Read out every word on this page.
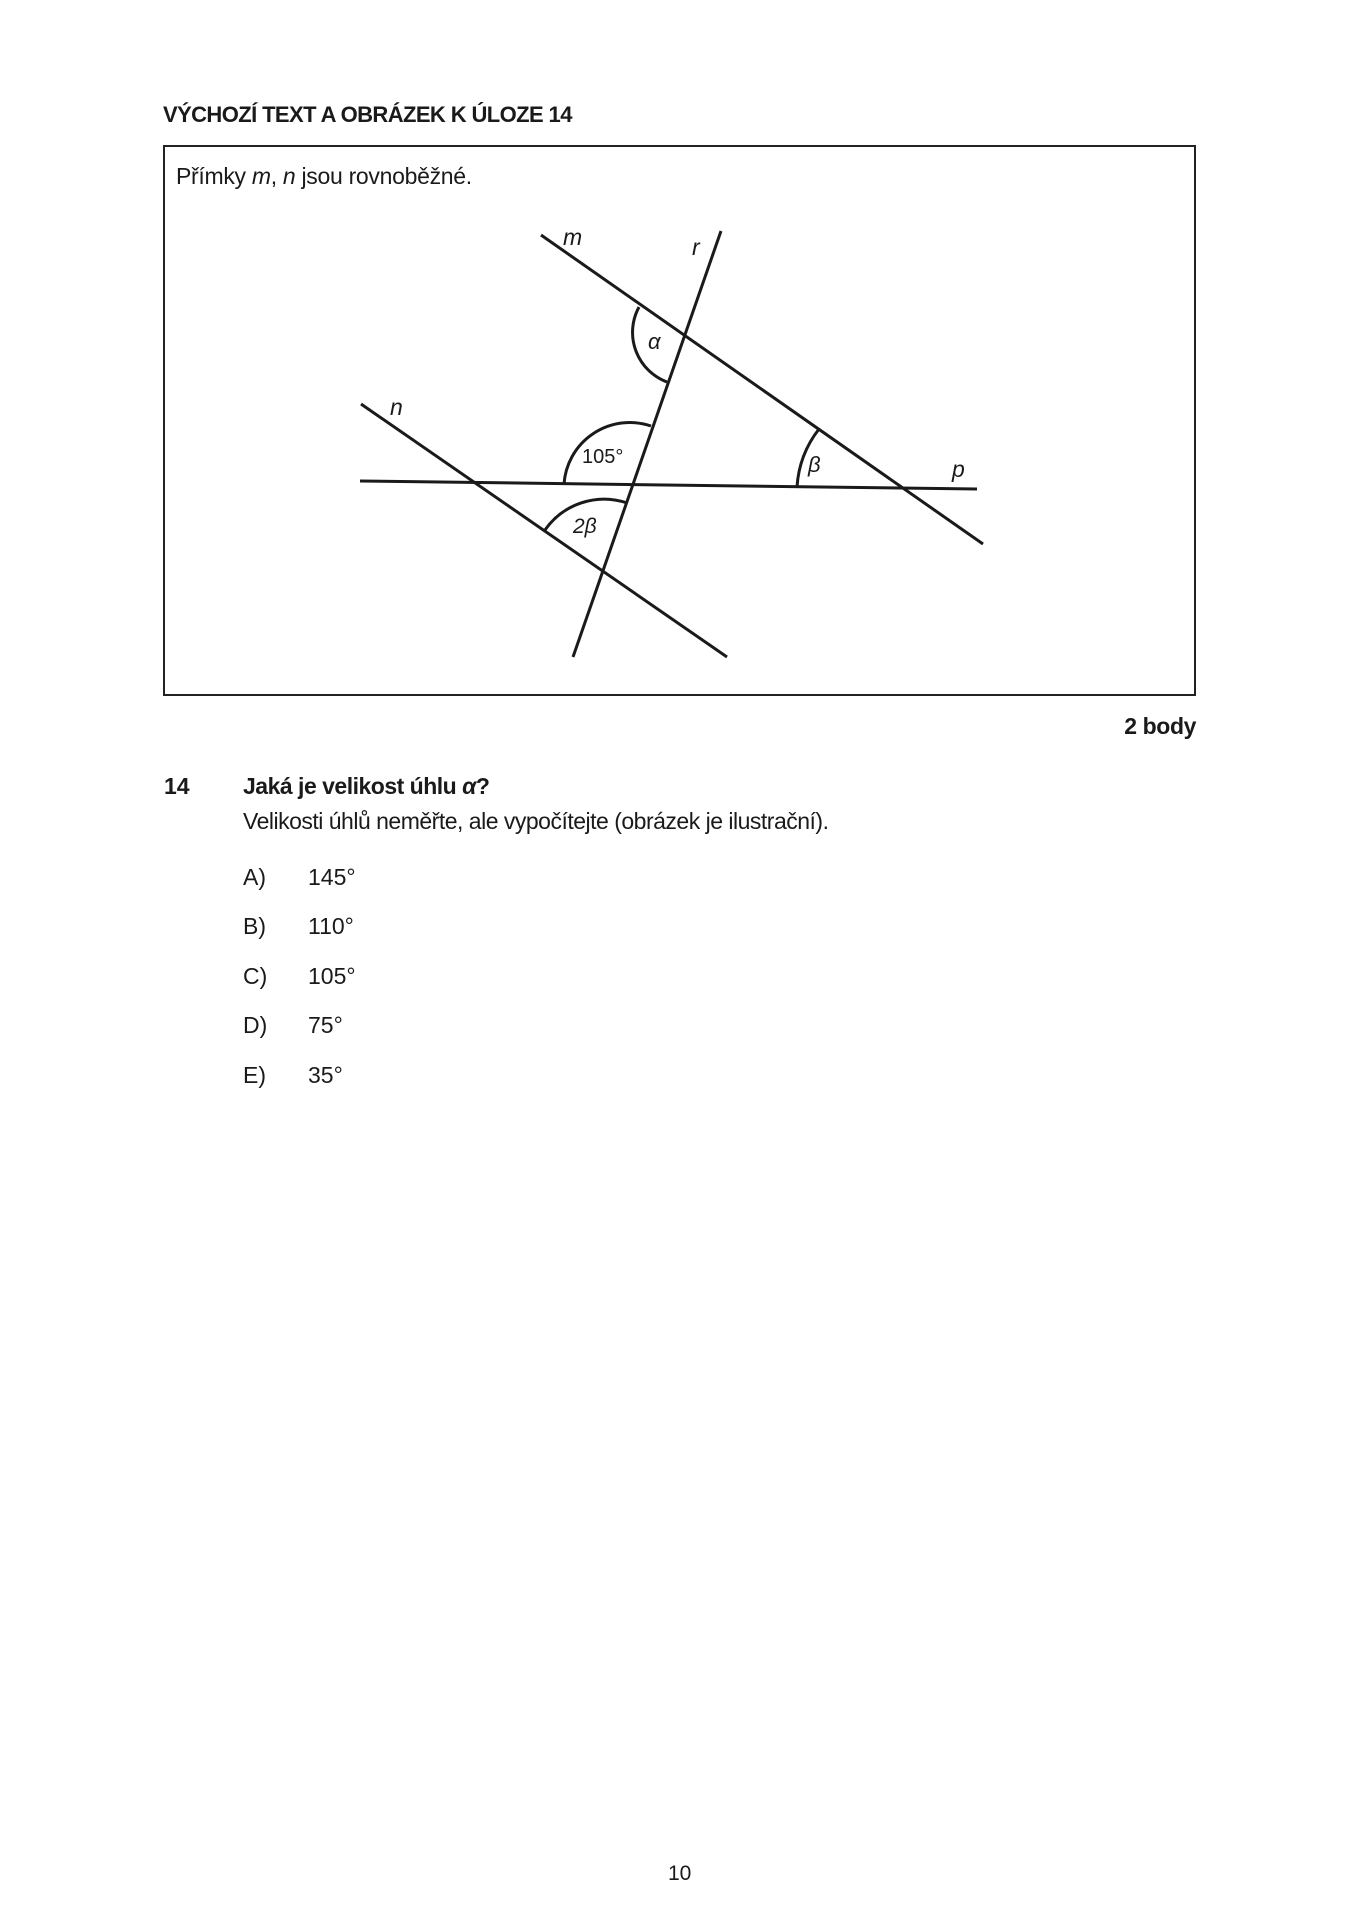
VÝCHOZÍ TEXT A OBRÁZEK K ÚLOZE 14
Přímky m, n jsou rovnoběžné.
m	r
n
p
α
β
105°
2β
2 body
14 Jaká je velikost úhlu α?
Velikosti úhlů neměřte, ale vypočítejte (obrázek je ilustrační).
A) 145°
B) 110°
C) 105°
D) 75°
E) 35°
10
